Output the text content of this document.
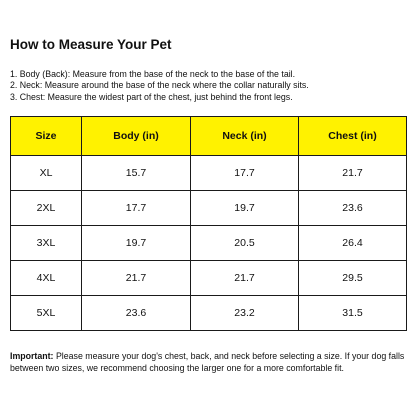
How to Measure Your Pet
1. Body (Back): Measure from the base of the neck to the base of the tail.
2. Neck: Measure around the base of the neck where the collar naturally sits.
3. Chest: Measure the widest part of the chest, just behind the front legs.
Size	Body (in)	Neck (in)	Chest (in)
XL	15.7	17.7	21.7
2XL	17.7	19.7	23.6
3XL	19.7	20.5	26.4
4XL	21.7	21.7	29.5
5XL	23.6	23.2	31.5
Important: Please measure your dog's chest, back, and neck before selecting a size. If your dog falls between two sizes, we recommend choosing the larger one for a more comfortable fit.
